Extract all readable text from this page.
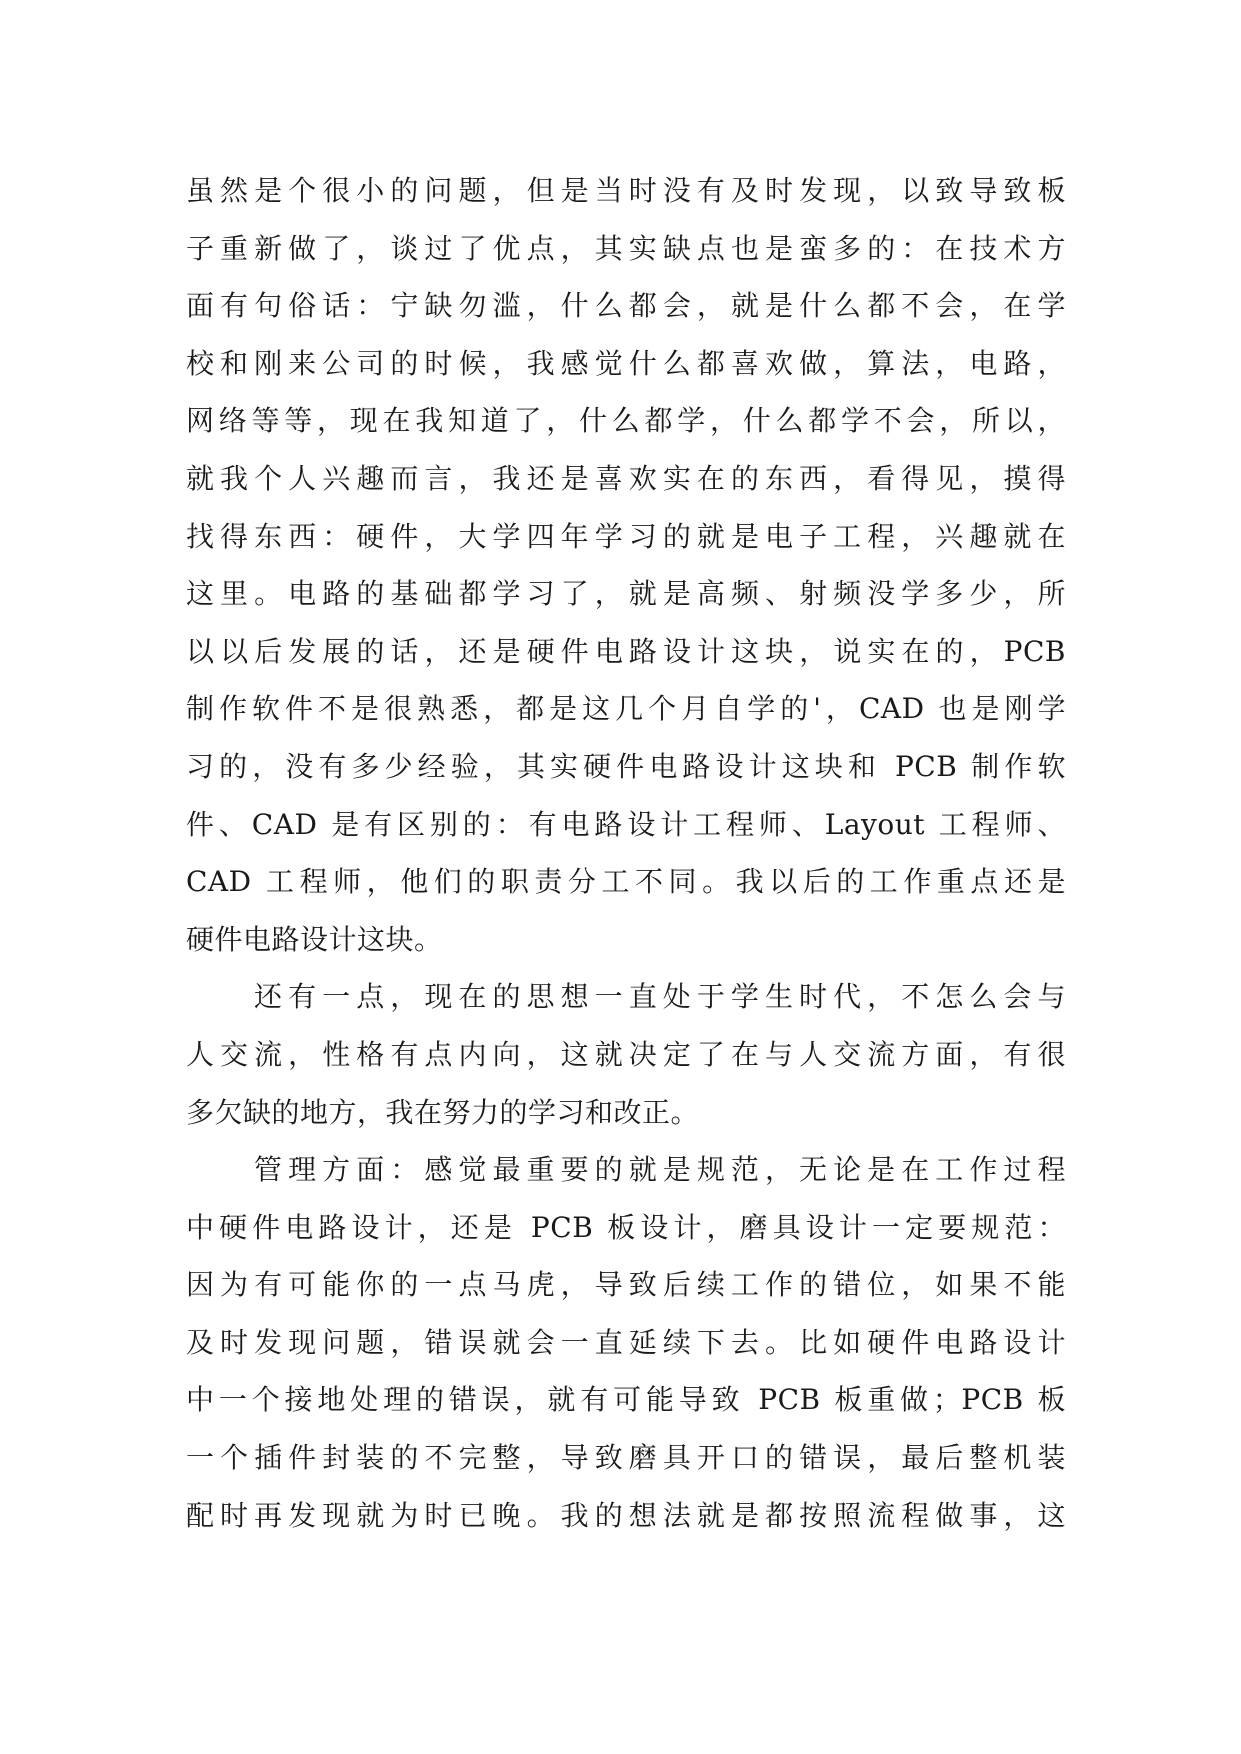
虽然是个很小的问题，但是当时没有及时发现，以致导致板
子重新做了，谈过了优点，其实缺点也是蛮多的：在技术方
面有句俗话：宁缺勿滥，什么都会，就是什么都不会，在学
校和刚来公司的时候，我感觉什么都喜欢做，算法，电路，
网络等等，现在我知道了，什么都学，什么都学不会，所以，
就我个人兴趣而言，我还是喜欢实在的东西，看得见，摸得
找得东西：硬件，大学四年学习的就是电子工程，兴趣就在
这里。电路的基础都学习了，就是高频、射频没学多少，所
以以后发展的话，还是硬件电路设计这块，说实在的，PCB
制作软件不是很熟悉，都是这几个月自学的'，CAD 也是刚学
习的，没有多少经验，其实硬件电路设计这块和 PCB 制作软
件、CAD 是有区别的：有电路设计工程师、Layout 工程师、
CAD 工程师，他们的职责分工不同。我以后的工作重点还是
硬件电路设计这块。
还有一点，现在的思想一直处于学生时代，不怎么会与
人交流，性格有点内向，这就决定了在与人交流方面，有很
多欠缺的地方，我在努力的学习和改正。
管理方面：感觉最重要的就是规范，无论是在工作过程
中硬件电路设计，还是 PCB 板设计，磨具设计一定要规范：
因为有可能你的一点马虎，导致后续工作的错位，如果不能
及时发现问题，错误就会一直延续下去。比如硬件电路设计
中一个接地处理的错误，就有可能导致 PCB 板重做；PCB 板
一个插件封装的不完整，导致磨具开口的错误，最后整机装
配时再发现就为时已晚。我的想法就是都按照流程做事，这
